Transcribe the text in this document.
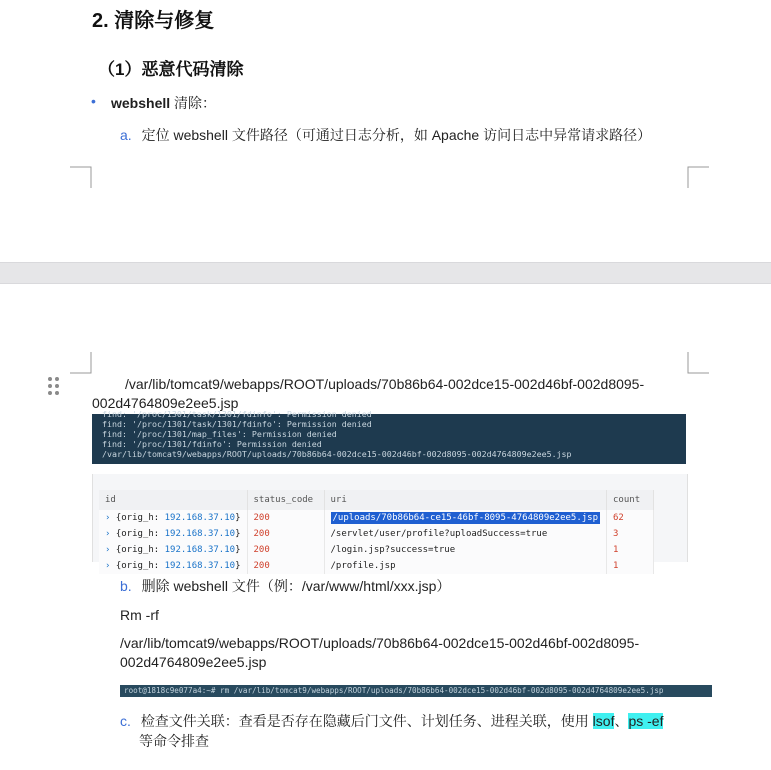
2. 清除与修复
（1）恶意代码清除
• webshell 清除：
a. 定位 webshell 文件路径（可通过日志分析，如 Apache 访问日志中异常请求路径）
/var/lib/tomcat9/webapps/ROOT/uploads/70b86b64-002dce15-002d46bf-002d8095-
002d4764809e2ee5.jsp
find: '/proc/1301/task/1301/fdinfo': Permission denied
find: '/proc/1301/task/1301/fdinfo': Permission denied
find: '/proc/1301/map_files': Permission denied
find: '/proc/1301/fdinfo': Permission denied
/var/lib/tomcat9/webapps/ROOT/uploads/70b86b64-002dce15-002d46bf-002d8095-002d4764809e2ee5.jsp
id	status_code	uri	count
› {orig_h: 192.168.37.10}	200	/uploads/70b86b64-ce15-46bf-8095-4764809e2ee5.jsp	62
› {orig_h: 192.168.37.10}	200	/servlet/user/profile?uploadSuccess=true	3
› {orig_h: 192.168.37.10}	200	/login.jsp?success=true	1
› {orig_h: 192.168.37.10}	200	/profile.jsp	1
b. 删除 webshell 文件（例：/var/www/html/xxx.jsp）
Rm -rf
/var/lib/tomcat9/webapps/ROOT/uploads/70b86b64-002dce15-002d46bf-002d8095-
002d4764809e2ee5.jsp
root@1818c9e077a4:~# rm /var/lib/tomcat9/webapps/ROOT/uploads/70b86b64-002dce15-002d46bf-002d8095-002d4764809e2ee5.jsp
c. 检查文件关联：查看是否存在隐藏后门文件、计划任务、进程关联，使用 lsof、ps -ef
等命令排查
